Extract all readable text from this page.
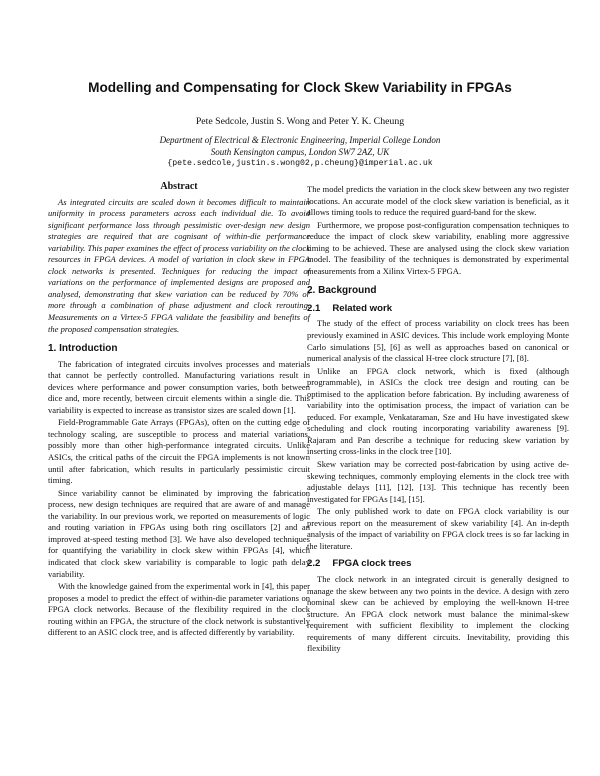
Modelling and Compensating for Clock Skew Variability in FPGAs
Pete Sedcole, Justin S. Wong and Peter Y. K. Cheung
Department of Electrical & Electronic Engineering, Imperial College London
South Kensington campus, London SW7 2AZ, UK
{pete.sedcole,justin.s.wong02,p.cheung}@imperial.ac.uk
Abstract

As integrated circuits are scaled down it becomes difficult to maintain uniformity in process parameters across each individual die. To avoid significant performance loss through pessimistic over-design new design strategies are required that are cognisant of within-die performance variability. This paper examines the effect of process variability on the clock resources in FPGA devices. A model of variation in clock skew in FPGA clock networks is presented. Techniques for reducing the impact of variations on the performance of implemented designs are proposed and analysed, demonstrating that skew variation can be reduced by 70% or more through a combination of phase adjustment and clock rerouting. Measurements on a Virtex-5 FPGA validate the feasibility and benefits of the proposed compensation strategies.

1. Introduction

The fabrication of integrated circuits involves processes and materials that cannot be perfectly controlled. Manufacturing variations result in devices where performance and power consumption varies, both between dice and, more recently, between circuit elements within a single die. This variability is expected to increase as transistor sizes are scaled down [1].

Field-Programmable Gate Arrays (FPGAs), often on the cutting edge of technology scaling, are susceptible to process and material variations, possibly more than other high-performance integrated circuits. Unlike ASICs, the critical paths of the circuit the FPGA implements is not known until after fabrication, which results in particularly pessimistic circuit timing.

Since variability cannot be eliminated by improving the fabrication process, new design techniques are required that are aware of and manage the variability. In our previous work, we reported on measurements of logic and routing variation in FPGAs using both ring oscillators [2] and an improved at-speed testing method [3]. We have also developed techniques for quantifying the variability in clock skew within FPGAs [4], which indicated that clock skew variability is comparable to logic path delay variability.

With the knowledge gained from the experimental work in [4], this paper proposes a model to predict the effect of within-die parameter variations on FPGA clock networks. Because of the flexibility required in the clock routing within an FPGA, the structure of the clock network is substantively different to an ASIC clock tree, and is affected differently by variability.

The model predicts the variation in the clock skew between any two register locations. An accurate model of the clock skew variation is beneficial, as it allows timing tools to reduce the required guard-band for the skew.

Furthermore, we propose post-configuration compensation techniques to reduce the impact of clock skew variability, enabling more aggressive timing to be achieved. These are analysed using the clock skew variation model. The feasibility of the techniques is demonstrated by experimental measurements from a Xilinx Virtex-5 FPGA.

2. Background
2.1 Related work

The study of the effect of process variability on clock trees has been previously examined in ASIC devices. This include work employing Monte Carlo simulations [5], [6] as well as approaches based on canonical or numerical analysis of the classical H-tree clock structure [7], [8].

Unlike an FPGA clock network, which is fixed (although programmable), in ASICs the clock tree design and routing can be optimised to the application before fabrication. By including awareness of variability into the optimisation process, the impact of variation can be reduced. For example, Venkataraman, Sze and Hu have investigated skew scheduling and clock routing incorporating variability awareness [9]. Rajaram and Pan describe a technique for reducing skew variation by inserting cross-links in the clock tree [10].

Skew variation may be corrected post-fabrication by using active de-skewing techniques, commonly employing elements in the clock tree with adjustable delays [11], [12], [13]. This technique has recently been investigated for FPGAs [14], [15].

The only published work to date on FPGA clock variability is our previous report on the measurement of skew variability [4]. An in-depth analysis of the impact of variability on FPGA clock trees is so far lacking in the literature.

2.2 FPGA clock trees

The clock network in an integrated circuit is generally designed to manage the skew between any two points in the device. A design with zero nominal skew can be achieved by employing the well-known H-tree structure. An FPGA clock network must balance the minimal-skew requirement with sufficient flexibility to implement the clocking requirements of many different circuits. Inevitability, providing this flexibility
